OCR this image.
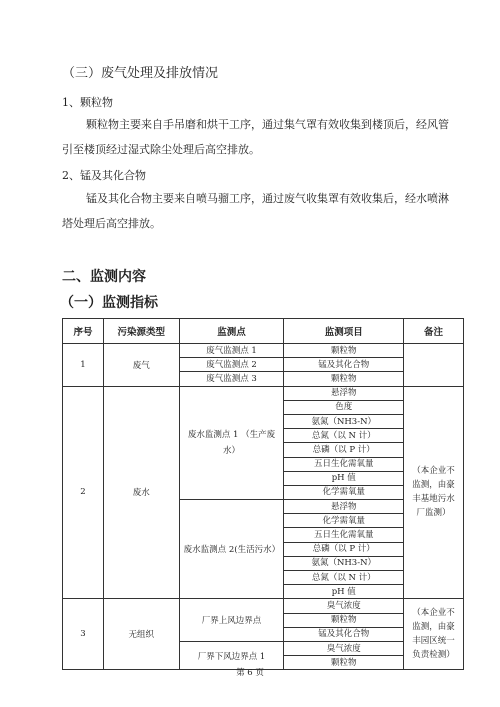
（三）废气处理及排放情况
1、颗粒物
颗粒物主要来自手吊磨和烘干工序，通过集气罩有效收集到楼顶后，经风管引至楼顶经过湿式除尘处理后高空排放。
2、锰及其化合物
锰及其化合物主要来自喷马骝工序，通过废气收集罩有效收集后，经水喷淋塔处理后高空排放。
二、监测内容
（一）监测指标
序号	污染源类型	监测点	监测项目	备注
1	废气	废气监测点 1	颗粒物	
		废气监测点 2	锰及其化合物	
		废气监测点 3	颗粒物	
2	废水	废水监测点 1 （生产废水）	悬浮物	（本企业不监测，由豪丰基地污水厂监测）
			色度	
			氨氮（NH3-N）	
			总氮（以 N 计）	
			总磷（以 P 计）	
			五日生化需氧量	
			pH 值	
			化学需氧量	
		废水监测点 2(生活污水）	悬浮物	
			化学需氧量	
			五日生化需氧量	
			总磷（以 P 计）	
			氨氮（NH3-N）	
			总氮（以 N 计）	
			pH 值	
3	无组织	厂界上风边界点	臭气浓度	（本企业不监测，由豪丰园区统一负责检测）
			颗粒物	
			锰及其化合物	
		厂界下风边界点 1	臭气浓度	
			颗粒物	
第 6 页
